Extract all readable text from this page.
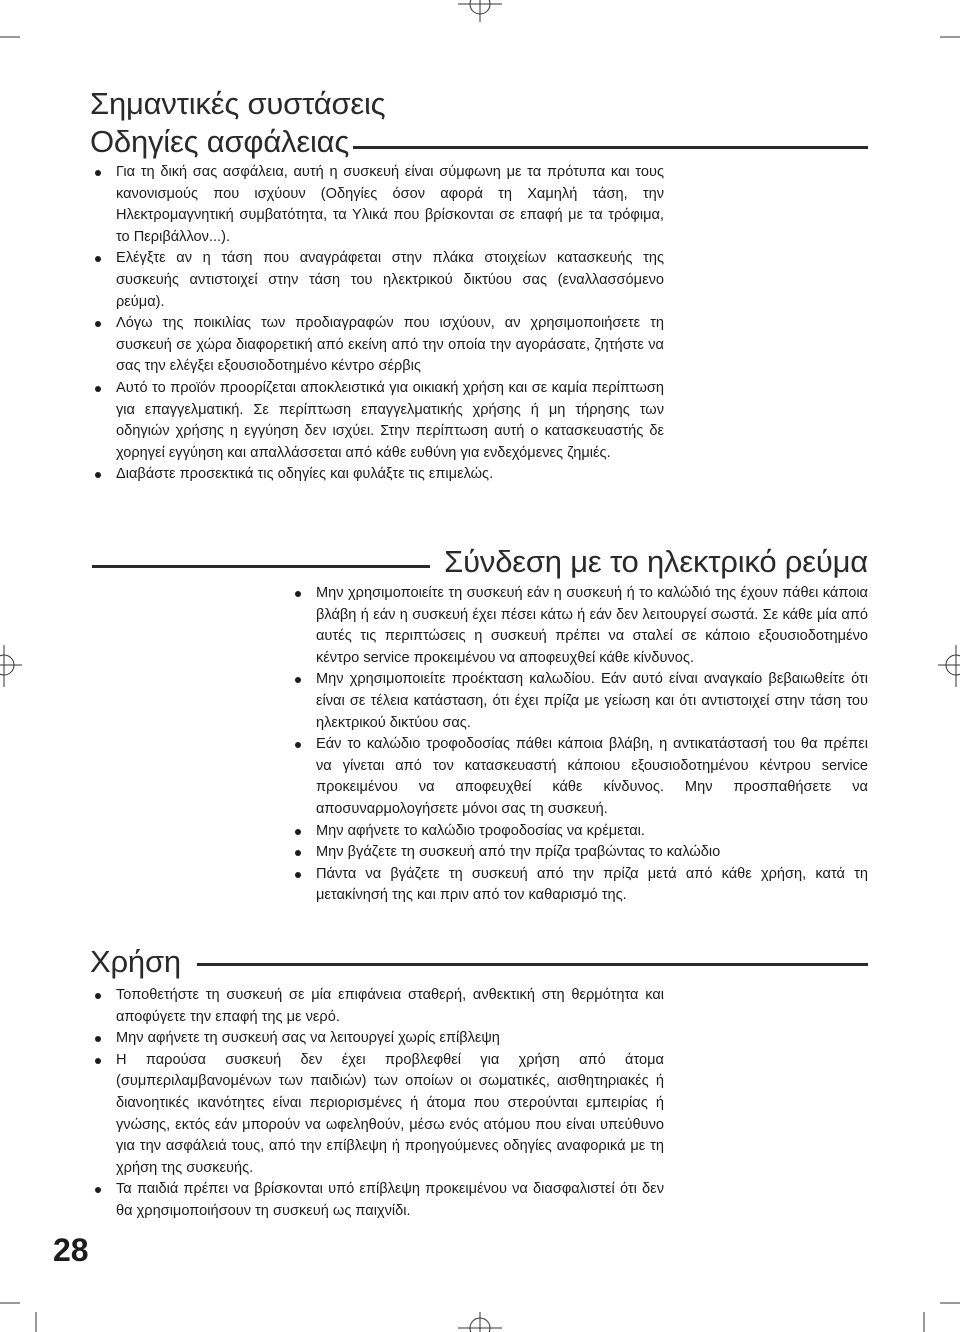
Σημαντικές συστάσεις
Οδηγίες ασφάλειας
Για τη δική σας ασφάλεια, αυτή η συσκευή είναι σύμφωνη με τα πρότυπα και τους κανονισμούς που ισχύουν (Οδηγίες όσον αφορά τη Χαμηλή τάση, την Ηλεκτρομαγνητική συμβατότητα, τα Υλικά που βρίσκονται σε επαφή με τα τρόφιμα, το Περιβάλλον...).
Ελέγξτε αν η τάση που αναγράφεται στην πλάκα στοιχείων κατασκευής της συσκευής αντιστοιχεί στην τάση του ηλεκτρικού δικτύου σας (εναλλασσόμενο ρεύμα).
Λόγω της ποικιλίας των προδιαγραφών που ισχύουν, αν χρησιμοποιήσετε τη συσκευή σε χώρα διαφορετική από εκείνη από την οποία την αγοράσατε, ζητήστε να σας την ελέγξει εξουσιοδοτημένο κέντρο σέρβις
Αυτό το προϊόν προορίζεται αποκλειστικά για οικιακή χρήση και σε καμία περίπτωση για επαγγελματική. Σε περίπτωση επαγγελματικής χρήσης ή μη τήρησης των οδηγιών χρήσης η εγγύηση δεν ισχύει. Στην περίπτωση αυτή ο κατασκευαστής δε χορηγεί εγγύηση και απαλλάσσεται από κάθε ευθύνη για ενδεχόμενες ζημιές.
Διαβάστε προσεκτικά τις οδηγίες και φυλάξτε τις επιμελώς.
Σύνδεση με το ηλεκτρικό ρεύμα
Μην χρησιμοποιείτε τη συσκευή εάν η συσκευή ή το καλώδιό της έχουν πάθει κάποια βλάβη ή εάν η συσκευή έχει πέσει κάτω ή εάν δεν λειτουργεί σωστά. Σε κάθε μία από αυτές τις περιπτώσεις η συσκευή πρέπει να σταλεί σε κάποιο εξουσιοδοτημένο κέντρο service προκειμένου να αποφευχθεί κάθε κίνδυνος.
Μην χρησιμοποιείτε προέκταση καλωδίου. Εάν αυτό είναι αναγκαίο βεβαιωθείτε ότι είναι σε τέλεια κατάσταση, ότι έχει πρίζα με γείωση και ότι αντιστοιχεί στην τάση του ηλεκτρικού δικτύου σας.
Εάν το καλώδιο τροφοδοσίας πάθει κάποια βλάβη, η αντικατάστασή του θα πρέπει να γίνεται από τον κατασκευαστή κάποιου εξουσιοδοτημένου κέντρου service προκειμένου να αποφευχθεί κάθε κίνδυνος. Μην προσπαθήσετε να αποσυναρμολογήσετε μόνοι σας τη συσκευή.
Μην αφήνετε το καλώδιο τροφοδοσίας να κρέμεται.
Μην βγάζετε τη συσκευή από την πρίζα τραβώντας το καλώδιο
Πάντα να βγάζετε τη συσκευή από την πρίζα μετά από κάθε χρήση, κατά τη μετακίνησή της και πριν από τον καθαρισμό της.
Χρήση
Τοποθετήστε τη συσκευή σε μία επιφάνεια σταθερή, ανθεκτική στη θερμότητα και αποφύγετε την επαφή της με νερό.
Μην αφήνετε τη συσκευή σας να λειτουργεί χωρίς επίβλεψη
Η παρούσα συσκευή δεν έχει προβλεφθεί για χρήση από άτομα (συμπεριλαμβανομένων των παιδιών) των οποίων οι σωματικές, αισθητηριακές ή διανοητικές ικανότητες είναι περιορισμένες ή άτομα που στερούνται εμπειρίας ή γνώσης, εκτός εάν μπορούν να ωφεληθούν, μέσω ενός ατόμου που είναι υπεύθυνο για την ασφάλειά τους, από την επίβλεψη ή προηγούμενες οδηγίες αναφορικά με τη χρήση της συσκευής.
Τα παιδιά πρέπει να βρίσκονται υπό επίβλεψη προκειμένου να διασφαλιστεί ότι δεν θα χρησιμοποιήσουν τη συσκευή ως παιχνίδι.
28
